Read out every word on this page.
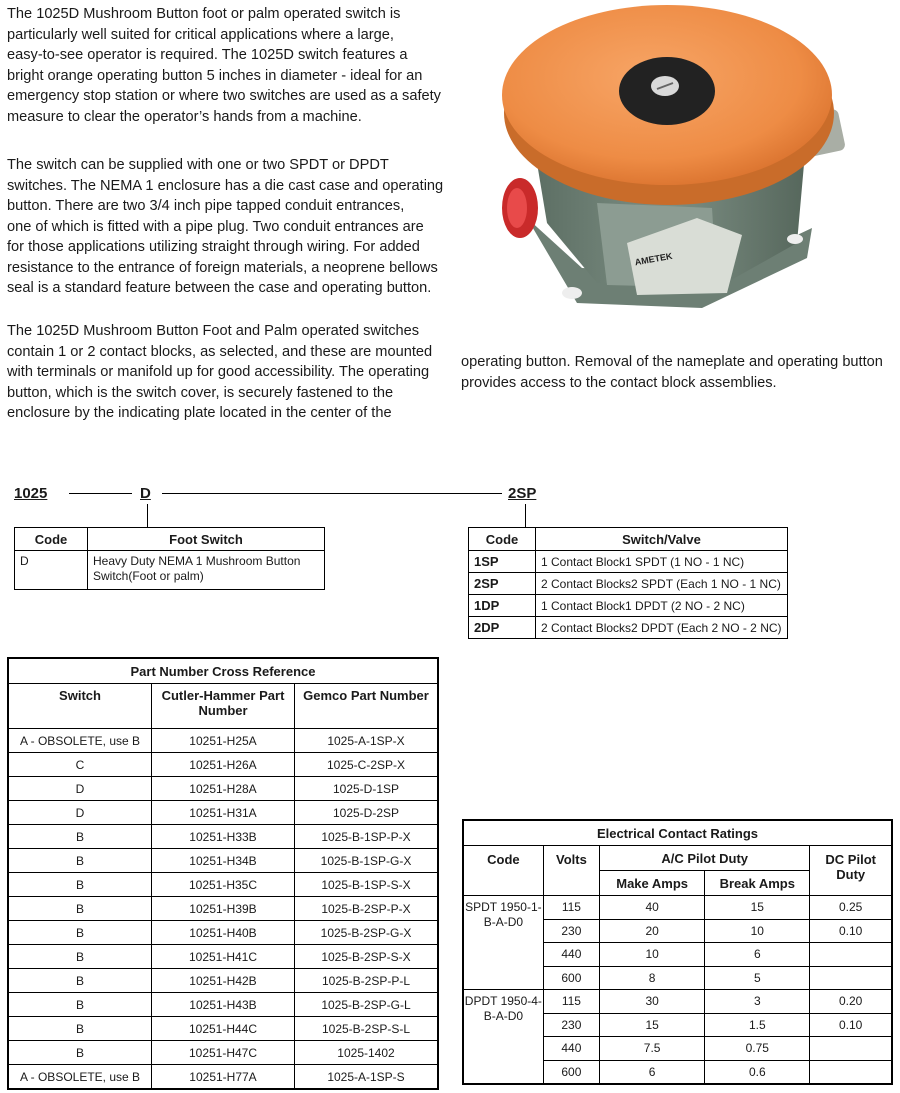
The 1025D Mushroom Button foot or palm operated switch is
particularly well suited for critical applications where a large,
easy-to-see operator is required. The 1025D switch features a
bright orange operating button 5 inches in diameter - ideal for an
emergency stop station or where two switches are used as a safety
measure to clear the operator’s hands from a machine.
The switch can be supplied with one or two SPDT or DPDT
switches. The NEMA 1 enclosure has a die cast case and operating
button. There are two 3/4 inch pipe tapped conduit entrances,
one of which is fitted with a pipe plug. Two conduit entrances are
for those applications utilizing straight through wiring. For added
resistance to the entrance of foreign materials, a neoprene bellows
seal is a standard feature between the case and operating button.
The 1025D Mushroom Button Foot and Palm operated switches
contain 1 or 2 contact blocks, as selected, and these are mounted
with terminals or manifold up for good accessibility. The operating
button, which is the switch cover, is securely fastened to the
enclosure by the indicating plate located in the center of the
operating button. Removal of the nameplate and operating button
provides access to the contact block assemblies.
AMETEK
1025	D	2SP
Code	Foot Switch
D	Heavy Duty NEMA 1 Mushroom Button Switch(Foot or palm)
Code	Switch/Valve
1SP	1 Contact Block1 SPDT (1 NO - 1 NC)
2SP	2 Contact Blocks2 SPDT (Each 1 NO - 1 NC)
1DP	1 Contact Block1 DPDT (2 NO - 2 NC)
2DP	2 Contact Blocks2 DPDT (Each 2 NO - 2 NC)
Part Number Cross Reference		
Switch	Cutler-Hammer Part Number	Gemco Part Number
A - OBSOLETE, use B	10251-H25A	1025-A-1SP-X
C	10251-H26A	1025-C-2SP-X
D	10251-H28A	1025-D-1SP
D	10251-H31A	1025-D-2SP
B	10251-H33B	1025-B-1SP-P-X
B	10251-H34B	1025-B-1SP-G-X
B	10251-H35C	1025-B-1SP-S-X
B	10251-H39B	1025-B-2SP-P-X
B	10251-H40B	1025-B-2SP-G-X
B	10251-H41C	1025-B-2SP-S-X
B	10251-H42B	1025-B-2SP-P-L
B	10251-H43B	1025-B-2SP-G-L
B	10251-H44C	1025-B-2SP-S-L
B	10251-H47C	1025-1402
A - OBSOLETE, use B	10251-H77A	1025-A-1SP-S
Electrical Contact Ratings				
Code	Volts	A/C Pilot Duty		DC Pilot Duty
		Make Amps	Break Amps	
SPDT 1950-1-B-A-D0	115	40	15	0.25
	230	20	10	0.10
	440	10	6	
	600	8	5	
DPDT 1950-4-B-A-D0	115	30	3	0.20
	230	15	1.5	0.10
	440	7.5	0.75	
	600	6	0.6	
